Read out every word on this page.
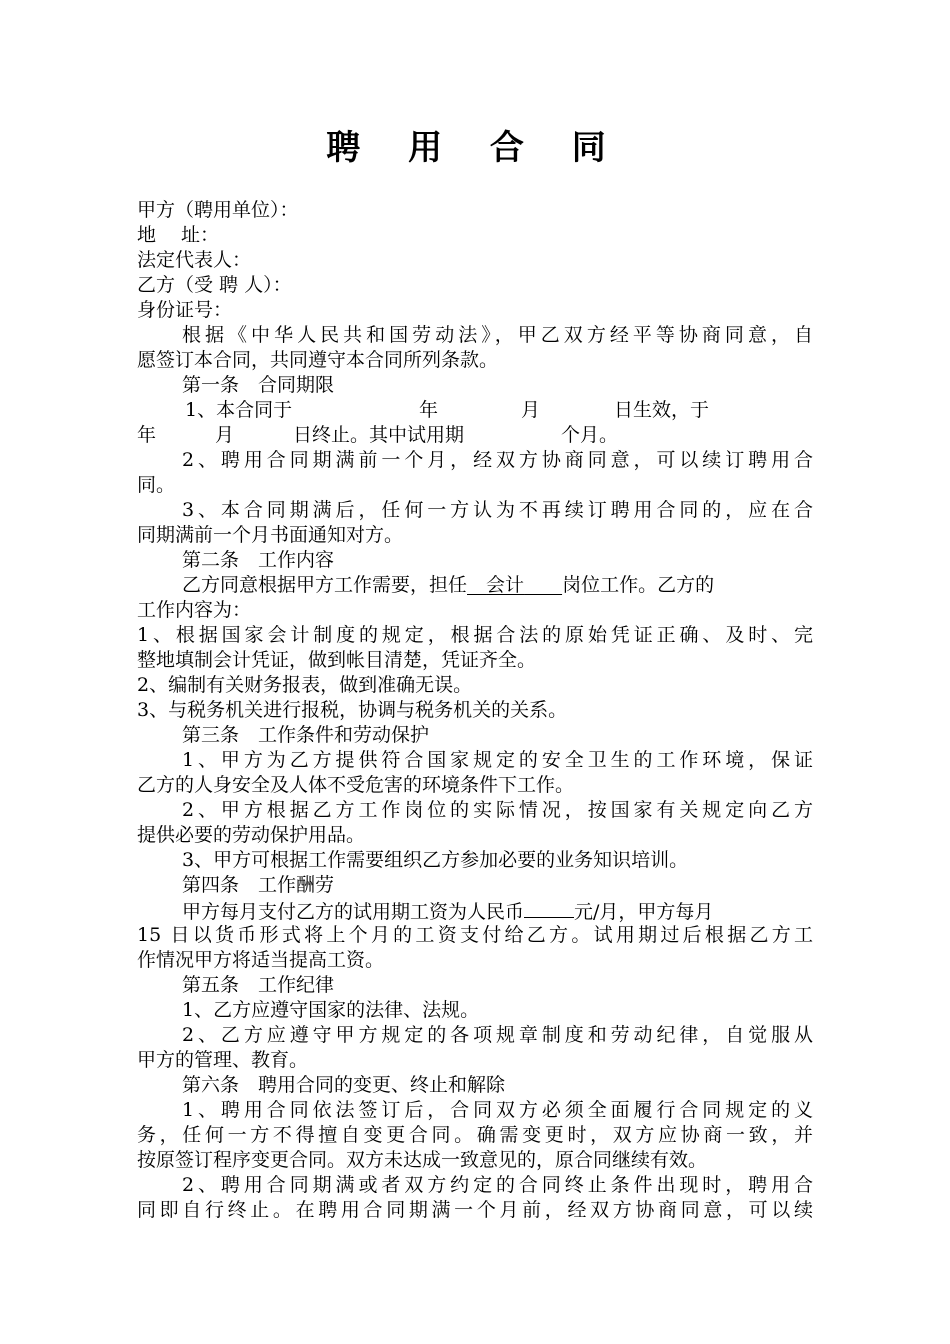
聘 用 合 同
甲方（聘用单位）：
地　 址：
法定代表人：
乙方（受 聘 人）：
身份证号：
根据《中华人民共和国劳动法》，甲乙双方经平等协商同意，自
愿签订本合同，共同遵守本合同所列条款。
第一条　合同期限
1、本合同于	年	月	日生效，于
年	月	日终止。其中试用期	个月。
2、聘用合同期满前一个月，经双方协商同意，可以续订聘用合
同。
3、本合同期满后，任何一方认为不再续订聘用合同的，应在合
同期满前一个月书面通知对方。
第二条　工作内容
乙方同意根据甲方工作需要，担任　 会计　　 岗位工作。乙方的
工作内容为：
1、根据国家会计制度的规定，根据合法的原始凭证正确、及时、完
整地填制会计凭证，做到帐目清楚，凭证齐全。
2、编制有关财务报表，做到准确无误。
3、与税务机关进行报税，协调与税务机关的关系。
第三条　工作条件和劳动保护
1、甲方为乙方提供符合国家规定的安全卫生的工作环境，保证
乙方的人身安全及人体不受危害的环境条件下工作。
2、甲方根据乙方工作岗位的实际情况，按国家有关规定向乙方
提供必要的劳动保护用品。
3、甲方可根据工作需要组织乙方参加必要的业务知识培训。
第四条　工作酬劳
甲方每月支付乙方的试用期工资为人民币	元/月，甲方每月
15 日以货币形式将上个月的工资支付给乙方。试用期过后根据乙方工
作情况甲方将适当提高工资。
第五条　工作纪律
1、乙方应遵守国家的法律、法规。
2、乙方应遵守甲方规定的各项规章制度和劳动纪律，自觉服从
甲方的管理、教育。
第六条　聘用合同的变更、终止和解除
1、聘用合同依法签订后，合同双方必须全面履行合同规定的义
务，任何一方不得擅自变更合同。确需变更时，双方应协商一致，并
按原签订程序变更合同。双方未达成一致意见的，原合同继续有效。
2、聘用合同期满或者双方约定的合同终止条件出现时，聘用合
同即自行终止。在聘用合同期满一个月前，经双方协商同意，可以续
